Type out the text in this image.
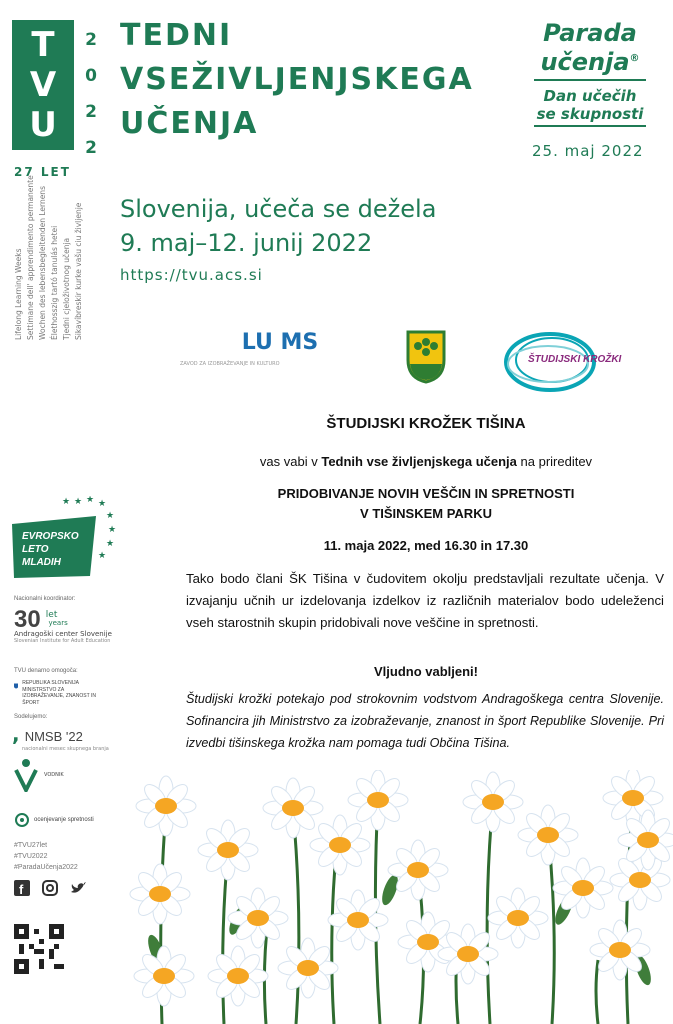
T
V
U
2
0
2
2
27 LET
Lifelong Learning Weeks Settimane dell' apprendimento permanente Wochen des lebensbegleitenden Lernens Élethosszig tartó tanulás hetei Tjedni cjeloživotnog učenja Sikavíbreskir kurke vašu ciu življenje
TEDNI
VSEŽIVLJENJSKEGA
UČENJA
Slovenija, učeča se dežela
9. maj–12. junij 2022
https://tvu.acs.si
Parada
učenja®
Dan učečih
se skupnosti
25. maj 2022
LU MS
ZAVOD ZA IZOBRAŽEVANJE IN KULTURO	ŠTUDIJSKI KROŽKI
ŠTUDIJSKI KROŽEK TIŠINA
vas vabi v Tednih vse življenjskega učenja na prireditev
PRIDOBIVANJE NOVIH VEŠČIN IN SPRETNOSTI
V TIŠINSKEM PARKU
11. maja 2022, med 16.30 in 17.30
Tako bodo člani ŠK Tišina v čudovitem okolju predstavljali rezultate učenja. V izvajanju učnih ur izdelovanja izdelkov iz različnih materialov bodo udeleženci vseh starostnih skupin pridobivali nove veščine in spretnosti.
Vljudno vabljeni!
Študijski krožki potekajo pod strokovnim vodstvom Andragoškega centra Slovenije. Sofinancira jih Ministrstvo za izobraževanje, znanost in šport Republike Slovenije. Pri izvedbi tišinskega krožka nam pomaga tudi Občina Tišina.
★ ★ ★
★
★
★
★
★
EVROPSKO
LETO
MLADIH
Nacionalni koordinator:
30 $^{let}$ years
Andragoški center Slovenije
Slovenian Institute for Adult Education
TVU denarno omogoča:
REPUBLIKA SLOVENIJA MINISTRSTVO ZA IZOBRAŽEVANJE, ZNANOST IN ŠPORT
Sodelujemo:
, NMSB '22
nacionalni mesec skupnega branja
VODNIK
ocenjevanje spretnosti
#TVU27let
#TVU2022
#ParadaUčenja2022
f
